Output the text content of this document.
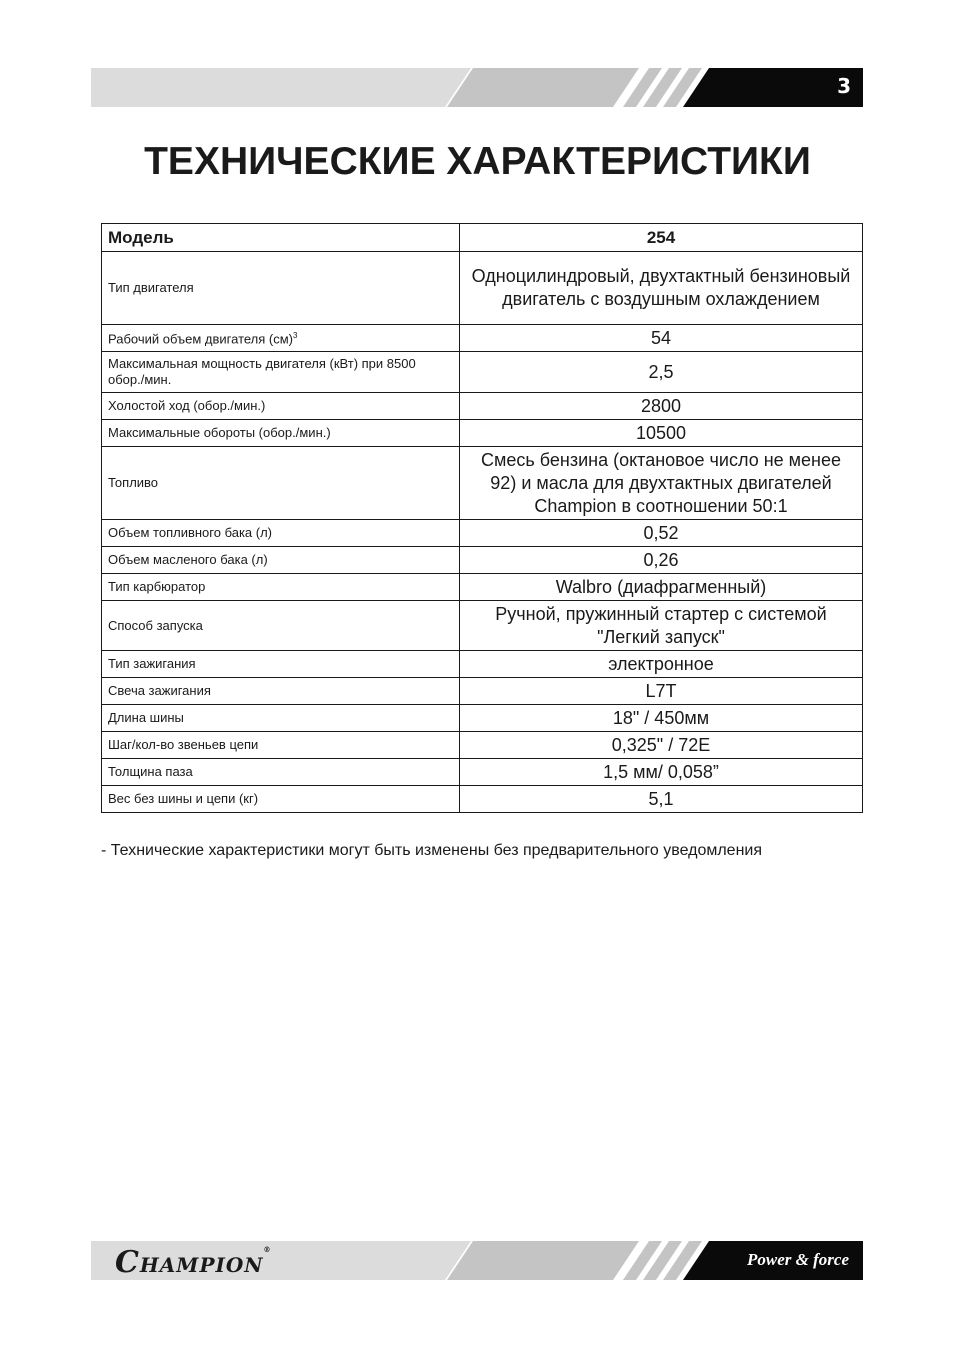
3
ТЕХНИЧЕСКИЕ ХАРАКТЕРИСТИКИ
Модель	254
Тип двигателя	Одноцилиндровый, двухтактный бензиновый двигатель с воздушным охлаждением
Рабочий объем двигателя (см)$^3$	54
Максимальная мощность двигателя (кВт) при 8500 обор./мин.	2,5
Холостой ход (обор./мин.)	2800
Максимальные обороты (обор./мин.)	10500
Топливо	Смесь бензина (октановое число не менее 92) и масла для двухтактных двигателей Champion в соотношении 50:1
Объем топливного бака (л)	0,52
Объем масленого бака (л)	0,26
Тип карбюратор	Walbro (диафрагменный)
Способ запуска	Ручной, пружинный стартер с системой "Легкий запуск"
Тип зажигания	электронное
Свеча зажигания	L7T
Длина шины	18" / 450мм
Шаг/кол-во звеньев цепи	0,325" / 72E
Толщина паза	1,5 мм/ 0,058”
Вес без шины и цепи (кг)	5,1
- Технические характеристики могут быть изменены без предварительного уведомления
CHAMPION®
Power & force
